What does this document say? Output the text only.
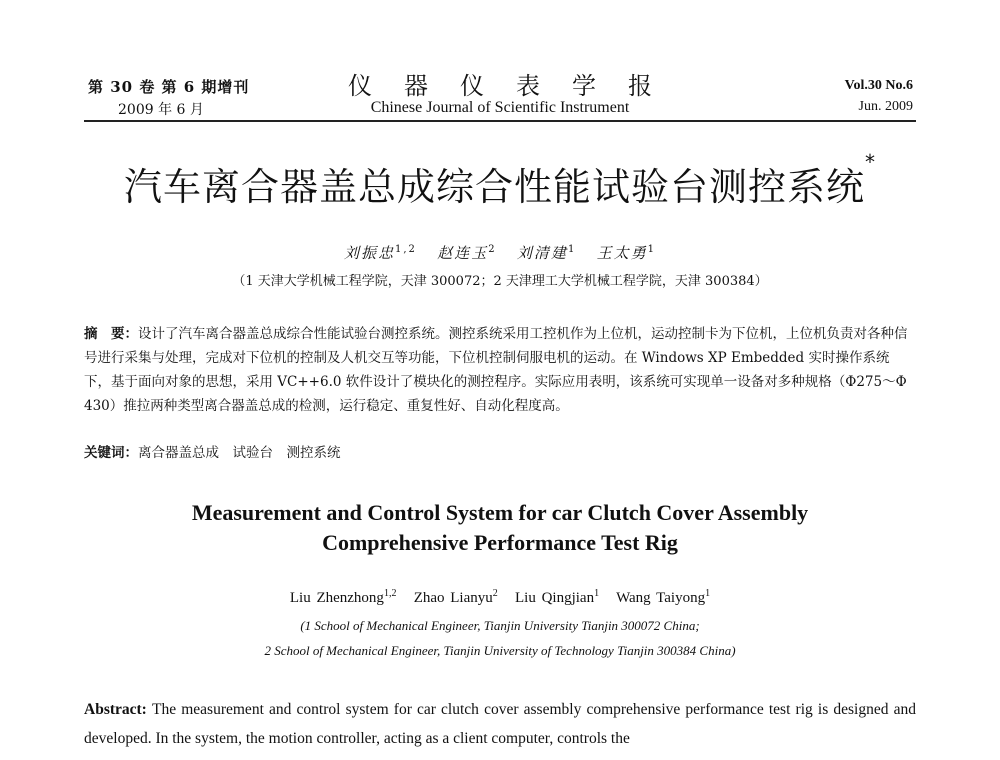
第 30 卷 第 6 期增刊
2009 年 6 月
仪器仪表学报
Chinese Journal of Scientific Instrument
Vol.30 No.6
Jun. 2009
汽车离合器盖总成综合性能试验台测控系统*
刘振忠$^{1,2}$ 赵连玉$^2$ 刘清建$^1$ 王太勇$^1$
（1 天津大学机械工程学院，天津 300072；2 天津理工大学机械工程学院，天津 300384）
摘　要：设计了汽车离合器盖总成综合性能试验台测控系统。测控系统采用工控机作为上位机，运动控制卡为下位机，上位机负责对各种信号进行采集与处理，完成对下位机的控制及人机交互等功能，下位机控制伺服电机的运动。在 Windows XP Embedded 实时操作系统下，基于面向对象的思想，采用 VC++6.0 软件设计了模块化的测控程序。实际应用表明，该系统可实现单一设备对多种规格（Φ275～Φ430）推拉两种类型离合器盖总成的检测，运行稳定、重复性好、自动化程度高。
关键词：离合器盖总成　试验台　测控系统
Measurement and Control System for car Clutch Cover Assembly
Comprehensive Performance Test Rig
Liu Zhenzhong$^{1,2}$ Zhao Lianyu$^2$ Liu Qingjian$^1$ Wang Taiyong$^1$
(1 School of Mechanical Engineer, Tianjin University Tianjin 300072 China;
2 School of Mechanical Engineer, Tianjin University of Technology Tianjin 300384 China)
Abstract: The measurement and control system for car clutch cover assembly comprehensive performance test rig is designed and developed. In the system, the motion controller, acting as a client computer, controls the
